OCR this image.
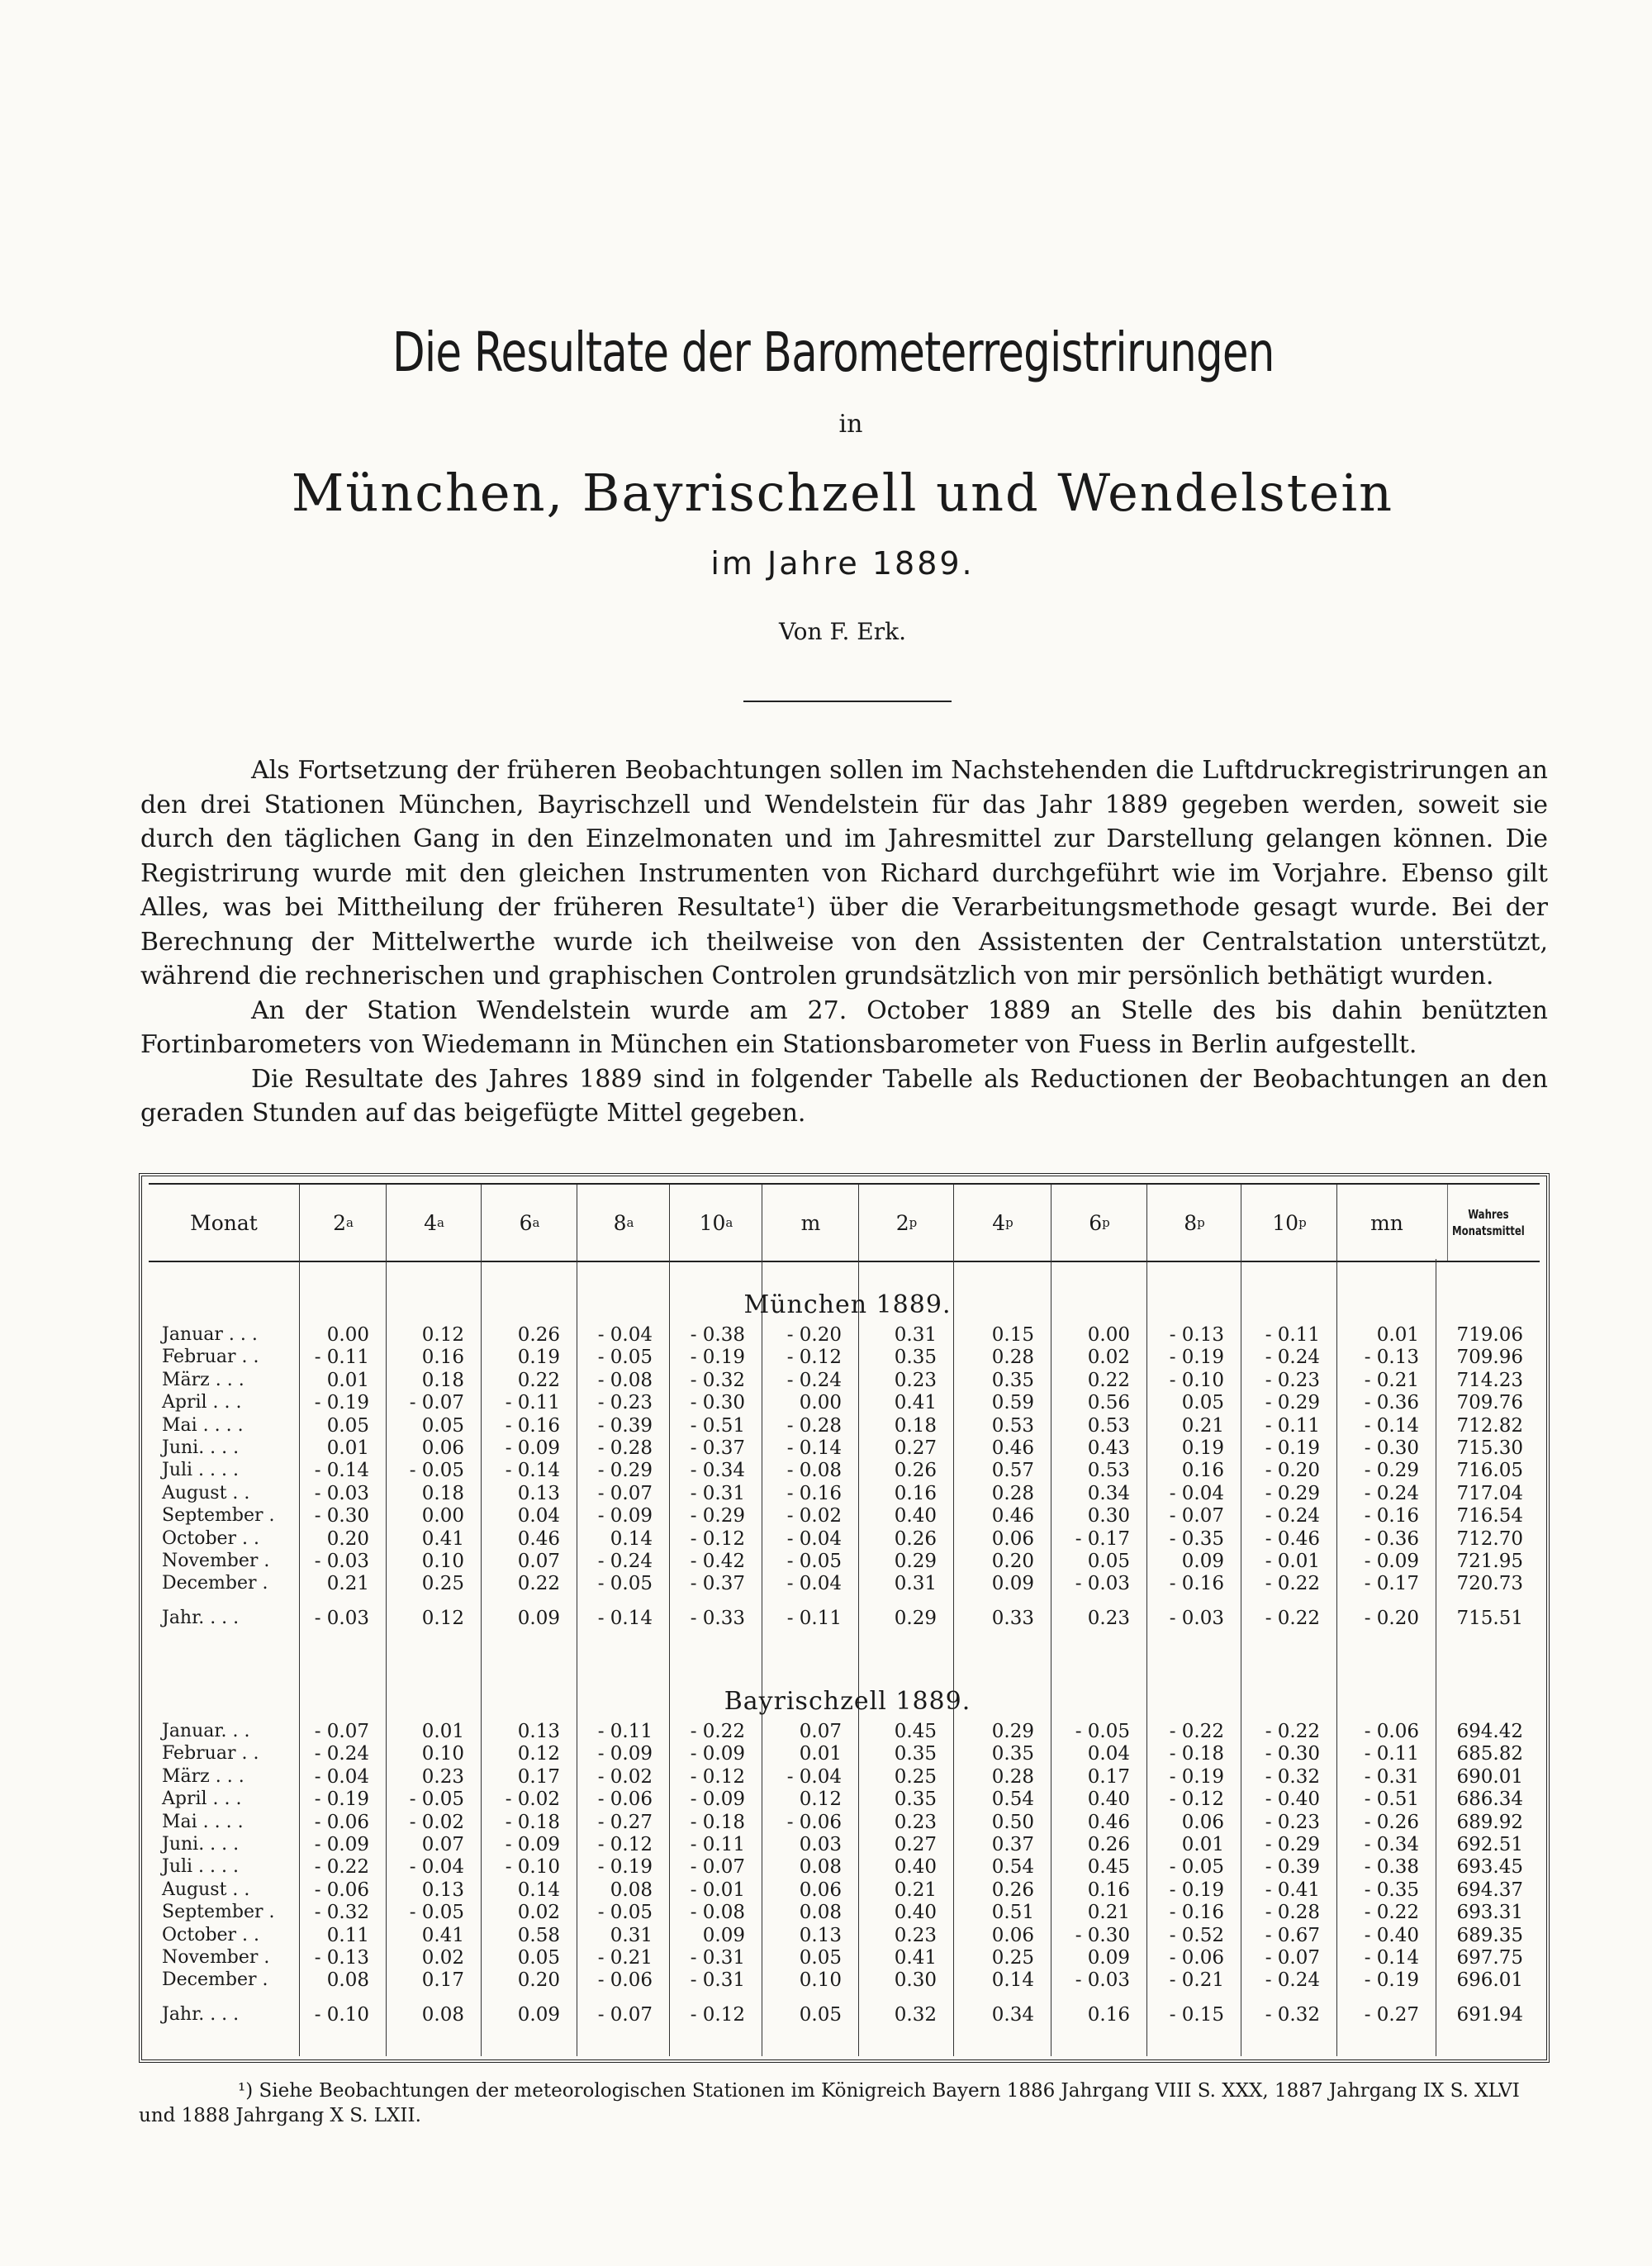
Die Resultate der Barometerregistrirungen
in
München, Bayrischzell und Wendelstein
im Jahre 1889.
Von F. Erk.

Als Fortsetzung der früheren Beobachtungen sollen im Nachstehenden die Luftdruckregistrirungen an den drei Stationen München, Bayrischzell und Wendelstein für das Jahr 1889 gegeben werden, soweit sie durch den täglichen Gang in den Einzelmonaten und im Jahresmittel zur Darstellung gelangen können. Die Registrirung wurde mit den gleichen Instrumenten von Richard durchgeführt wie im Vorjahre. Ebenso gilt Alles, was bei Mittheilung der früheren Resultate¹) über die Verarbeitungsmethode gesagt wurde. Bei der Berechnung der Mittelwerthe wurde ich theilweise von den Assistenten der Centralstation unterstützt, während die rechnerischen und graphischen Controlen grundsätzlich von mir persönlich bethätigt wurden.

An der Station Wendelstein wurde am 27. October 1889 an Stelle des bis dahin benützten Fortinbarometers von Wiedemann in München ein Stationsbarometer von Fuess in Berlin aufgestellt.

Die Resultate des Jahres 1889 sind in folgender Tabelle als Reductionen der Beobachtungen an den geraden Stunden auf das beigefügte Mittel gegeben.

Monat	2 a	4 a	6 a	8 a	10 a	m	2 p	4 p	6 p	8 p	10 p	mn	Wahres Monatsmittel
München 1889.
Januar . . .	0.00	0.12	0.26	- 0.04	- 0.38	- 0.20	0.31	0.15	0.00	- 0.13	- 0.11	0.01	719.06
Februar . .	- 0.11	0.16	0.19	- 0.05	- 0.19	- 0.12	0.35	0.28	0.02	- 0.19	- 0.24	- 0.13	709.96
März . . .	0.01	0.18	0.22	- 0.08	- 0.32	- 0.24	0.23	0.35	0.22	- 0.10	- 0.23	- 0.21	714.23
April . . .	- 0.19	- 0.07	- 0.11	- 0.23	- 0.30	0.00	0.41	0.59	0.56	0.05	- 0.29	- 0.36	709.76
Mai . . . .	0.05	0.05	- 0.16	- 0.39	- 0.51	- 0.28	0.18	0.53	0.53	0.21	- 0.11	- 0.14	712.82
Juni. . . .	0.01	0.06	- 0.09	- 0.28	- 0.37	- 0.14	0.27	0.46	0.43	0.19	- 0.19	- 0.30	715.30
Juli . . . .	- 0.14	- 0.05	- 0.14	- 0.29	- 0.34	- 0.08	0.26	0.57	0.53	0.16	- 0.20	- 0.29	716.05
August . .	- 0.03	0.18	0.13	- 0.07	- 0.31	- 0.16	0.16	0.28	0.34	- 0.04	- 0.29	- 0.24	717.04
September .	- 0.30	0.00	0.04	- 0.09	- 0.29	- 0.02	0.40	0.46	0.30	- 0.07	- 0.24	- 0.16	716.54
October . .	0.20	0.41	0.46	0.14	- 0.12	- 0.04	0.26	0.06	- 0.17	- 0.35	- 0.46	- 0.36	712.70
November .	- 0.03	0.10	0.07	- 0.24	- 0.42	- 0.05	0.29	0.20	0.05	0.09	- 0.01	- 0.09	721.95
December .	0.21	0.25	0.22	- 0.05	- 0.37	- 0.04	0.31	0.09	- 0.03	- 0.16	- 0.22	- 0.17	720.73
Jahr. . . .	- 0.03	0.12	0.09	- 0.14	- 0.33	- 0.11	0.29	0.33	0.23	- 0.03	- 0.22	- 0.20	715.51
Bayrischzell 1889.
Januar. . .	- 0.07	0.01	0.13	- 0.11	- 0.22	0.07	0.45	0.29	- 0.05	- 0.22	- 0.22	- 0.06	694.42
Februar . .	- 0.24	0.10	0.12	- 0.09	- 0.09	0.01	0.35	0.35	0.04	- 0.18	- 0.30	- 0.11	685.82
März . . .	- 0.04	0.23	0.17	- 0.02	- 0.12	- 0.04	0.25	0.28	0.17	- 0.19	- 0.32	- 0.31	690.01
April . . .	- 0.19	- 0.05	- 0.02	- 0.06	- 0.09	0.12	0.35	0.54	0.40	- 0.12	- 0.40	- 0.51	686.34
Mai . . . .	- 0.06	- 0.02	- 0.18	- 0.27	- 0.18	- 0.06	0.23	0.50	0.46	0.06	- 0.23	- 0.26	689.92
Juni. . . .	- 0.09	0.07	- 0.09	- 0.12	- 0.11	0.03	0.27	0.37	0.26	0.01	- 0.29	- 0.34	692.51
Juli . . . .	- 0.22	- 0.04	- 0.10	- 0.19	- 0.07	0.08	0.40	0.54	0.45	- 0.05	- 0.39	- 0.38	693.45
August . .	- 0.06	0.13	0.14	0.08	- 0.01	0.06	0.21	0.26	0.16	- 0.19	- 0.41	- 0.35	694.37
September .	- 0.32	- 0.05	0.02	- 0.05	- 0.08	0.08	0.40	0.51	0.21	- 0.16	- 0.28	- 0.22	693.31
October . .	0.11	0.41	0.58	0.31	0.09	0.13	0.23	0.06	- 0.30	- 0.52	- 0.67	- 0.40	689.35
November .	- 0.13	0.02	0.05	- 0.21	- 0.31	0.05	0.41	0.25	0.09	- 0.06	- 0.07	- 0.14	697.75
December .	0.08	0.17	0.20	- 0.06	- 0.31	0.10	0.30	0.14	- 0.03	- 0.21	- 0.24	- 0.19	696.01
Jahr. . . .	- 0.10	0.08	0.09	- 0.07	- 0.12	0.05	0.32	0.34	0.16	- 0.15	- 0.32	- 0.27	691.94

¹) Siehe Beobachtungen der meteorologischen Stationen im Königreich Bayern 1886 Jahrgang VIII S. XXX, 1887 Jahrgang IX S. XLVI und 1888 Jahrgang X S. LXII.
